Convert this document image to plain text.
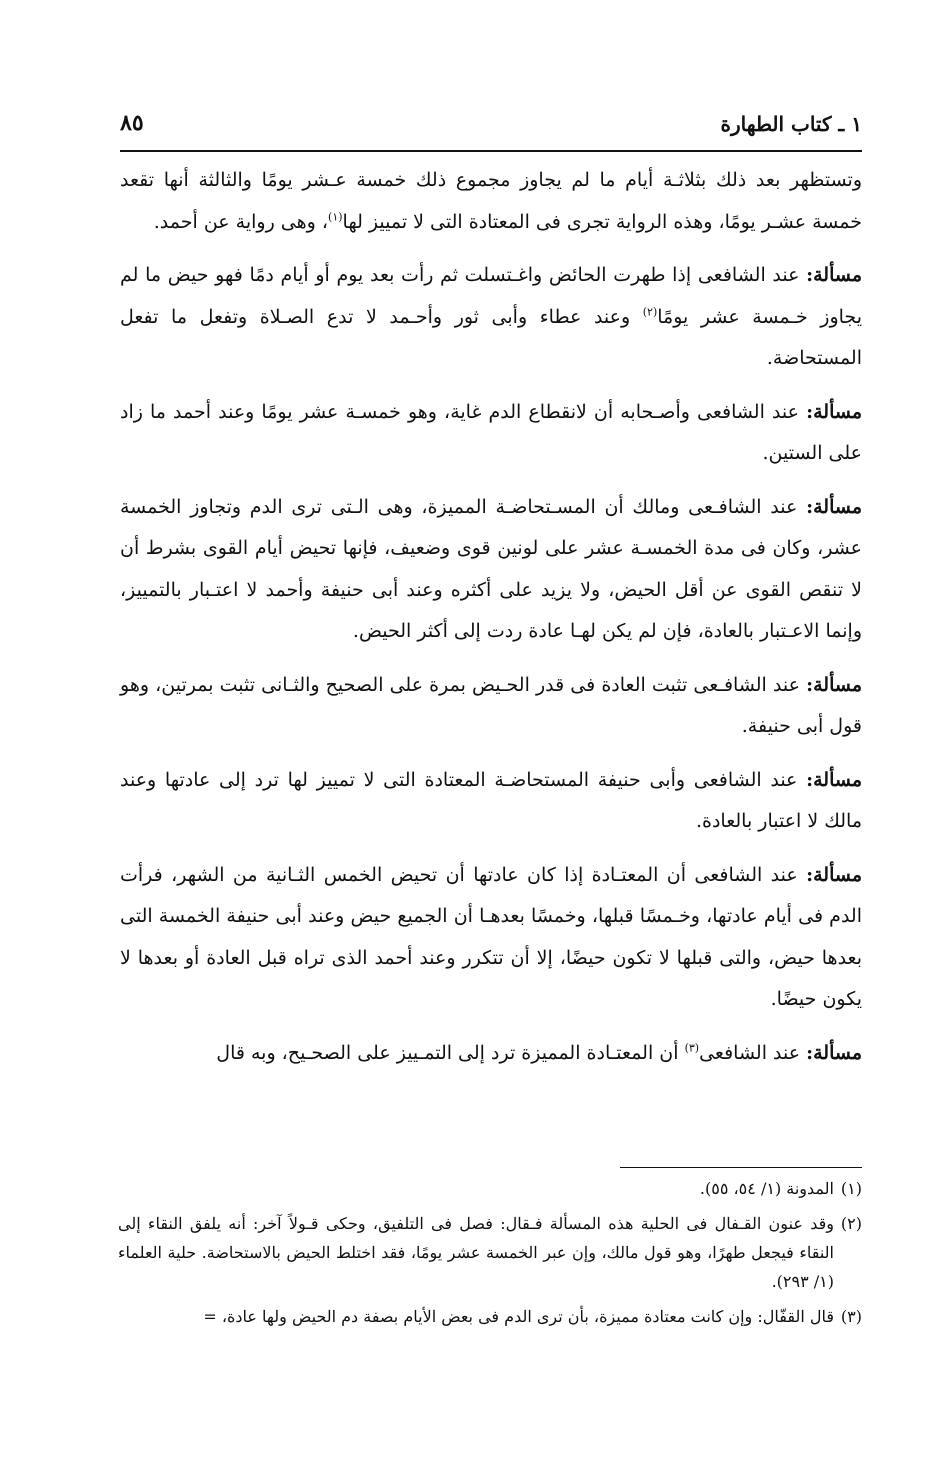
١ ـ كتاب الطهارة
٨٥

وتستظهر بعد ذلك بثلاثـة أيام ما لم يجاوز مجموع ذلك خمسة عـشر يومًا والثالثة أنها تقعد خمسة عشـر يومًا، وهذه الرواية تجرى فى المعتادة التى لا تمييز لها$^{(١)}$، وهى رواية عن أحمد.

مسألة: عند الشافعى إذا طهرت الحائض واغـتسلت ثم رأت بعد يوم أو أيام دمًا فهو حيض ما لم يجاوز خـمسة عشر يومًا$^{(٢)}$ وعند عطاء وأبى ثور وأحـمد لا تدع الصـلاة وتفعل ما تفعل المستحاضة.

مسألة: عند الشافعى وأصـحابه أن لانقطاع الدم غاية، وهو خمسـة عشر يومًا وعند أحمد ما زاد على الستين.

مسألة: عند الشافـعى ومالك أن المسـتحاضـة المميزة، وهى الـتى ترى الدم وتجاوز الخمسة عشر، وكان فى مدة الخمسـة عشر على لونين قوى وضعيف، فإنها تحيض أيام القوى بشرط أن لا تنقص القوى عن أقل الحيض، ولا يزيد على أكثره وعند أبى حنيفة وأحمد لا اعتـبار بالتمييز، وإنما الاعـتبار بالعادة، فإن لم يكن لهـا عادة ردت إلى أكثر الحيض.

مسألة: عند الشافـعى تثبت العادة فى قدر الحـيض بمرة على الصحيح والثـانى تثبت بمرتين، وهو قول أبى حنيفة.

مسألة: عند الشافعى وأبى حنيفة المستحاضـة المعتادة التى لا تمييز لها ترد إلى عادتها وعند مالك لا اعتبار بالعادة.

مسألة: عند الشافعى أن المعتـادة إذا كان عادتها أن تحيض الخمس الثـانية من الشهر، فرأت الدم فى أيام عادتها، وخـمسًا قبلها، وخمسًا بعدهـا أن الجميع حيض وعند أبى حنيفة الخمسة التى بعدها حيض، والتى قبلها لا تكون حيضًا، إلا أن تتكرر وعند أحمد الذى تراه قبل العادة أو بعدها لا يكون حيضًا.

مسألة: عند الشافعى$^{(٣)}$ أن المعتـادة المميزة ترد إلى التمـييز على الصحـيح، وبه قال

(١)
المدونة (١/ ٥٤، ٥٥).
(٢)
وقد عنون القـفال فى الحلية هذه المسألة فـقال: فصل فى التلفيق، وحكى قـولاً آخر: أنه يلفق النقاء إلى النقاء فيجعل طهرًا، وهو قول مالك، وإن عبر الخمسة عشر يومًا، فقد اختلط الحيض بالاستحاضة. حلية العلماء (١/ ٢٩٣).
(٣)
قال القفّال: وإن كانت معتادة مميزة، بأن ترى الدم فى بعض الأيام بصفة دم الحيض ولها عادة، =
